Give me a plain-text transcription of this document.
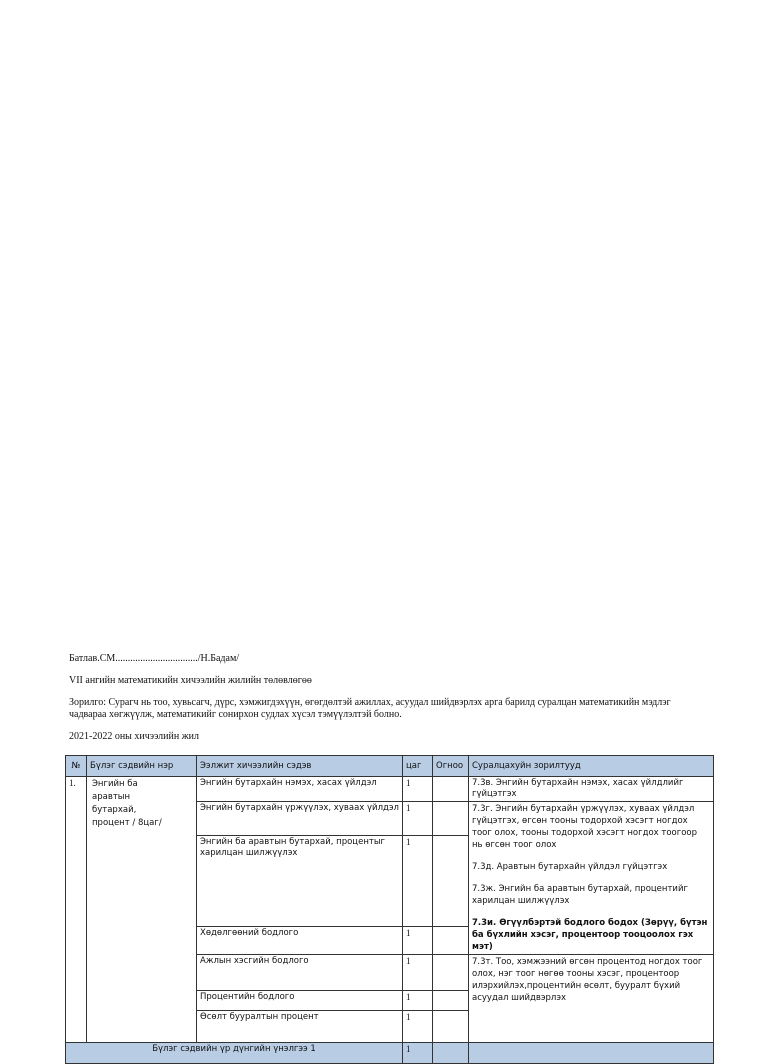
Батлав.СМ................................./Н.Бадам/
VII ангийн математикийн хичээлийн жилийн төлөвлөгөө
Зорилго: Сурагч нь тоо, хувьсагч, дүрс, хэмжигдэхүүн, өгөгдөлтэй ажиллах, асуудал шийдвэрлэх арга барилд суралцан математикийн мэдлэг чадвараа хөгжүүлж, математикийг сонирхон судлах хүсэл тэмүүлэлтэй болно.
2021-2022 оны хичээлийн жил
№	Бүлэг сэдвийн нэр	Ээлжит хичээлийн сэдэв	цаг	Огноо	Суралцахуйн зорилтууд
1.	Энгийн ба аравтын бутархай, процент / 8цаг/	Энгийн бутархайн нэмэх, хасах үйлдэл	1		7.3в. Энгийн бутархайн нэмэх, хасах үйлдлийг гүйцэтгэх
		Энгийн бутархайн үржүүлэх, хуваах үйлдэл	1		7.3г. Энгийн бутархайн үржүүлэх, хуваах үйлдэл гүйцэтгэх, өгсөн тооны тодорхой хэсэгт ногдох тоог олох, тооны тодорхой хэсэгт ногдох тоогоор нь өгсөн тоог олох
7.3д. Аравтын бутархайн үйлдэл гүйцэтгэх
7.3ж. Энгийн ба аравтын бутархай, процентийг харилцан шилжүүлэх
7.3и. Өгүүлбэртэй бодлого бодох (Зөрүү, бүтэн ба бүхлийн хэсэг, процентоор тооцоолох гэх мэт)

		Энгийн ба аравтын бутархай, процентыг харилцан шилжүүлэх	1		
		Хөдөлгөөний бодлого	1		
		Ажлын хэсгийн бодлого	1		7.3т. Тоо, хэмжээний өгсөн процентод ногдох тоог олох, нэг тоог нөгөө тооны хэсэг, процентоор илэрхийлэх,процентийн өсөлт, бууралт бүхий асуудал шийдвэрлэх
		Процентийн бодлого	1		
		Өсөлт бууралтын процент	1		
Бүлэг сэдвийн үр дүнгийн үнэлгээ 1			1		
